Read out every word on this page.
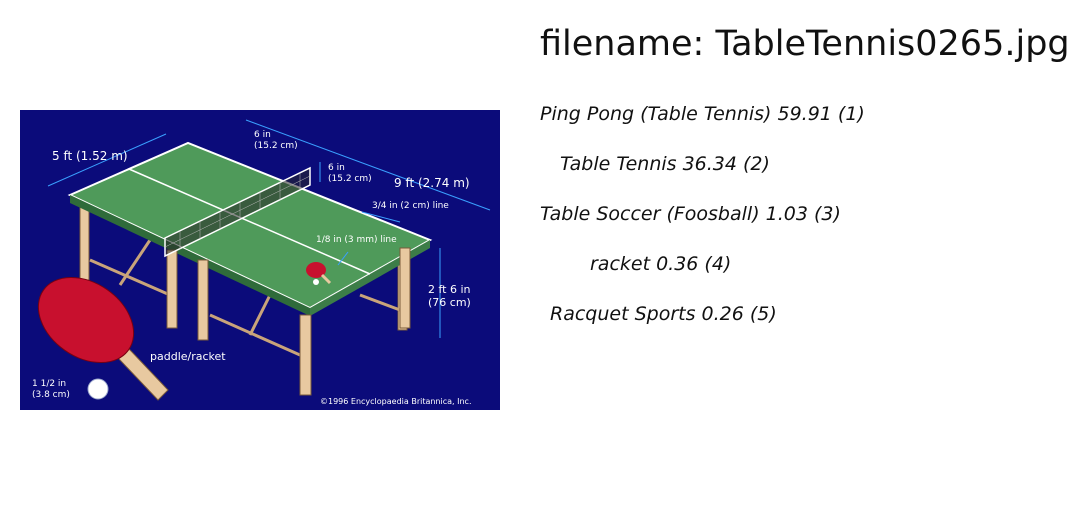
filename: TableTennis0265.jpg
5 ft (1.52 m)
6 in
(15.2 cm)
6 in
(15.2 cm) 9 ft (2.74 m)
3/4 in (2 cm) line
1/8 in (3 mm) line
2 ft 6 in
(76 cm)
paddle/racket
1 1/2 in
(3.8 cm)
©1996 Encyclopaedia Britannica, Inc.
Ping Pong (Table Tennis) 59.91 (1)
Table Tennis 36.34 (2)
Table Soccer (Foosball) 1.03 (3)
racket 0.36 (4)
Racquet Sports 0.26 (5)
